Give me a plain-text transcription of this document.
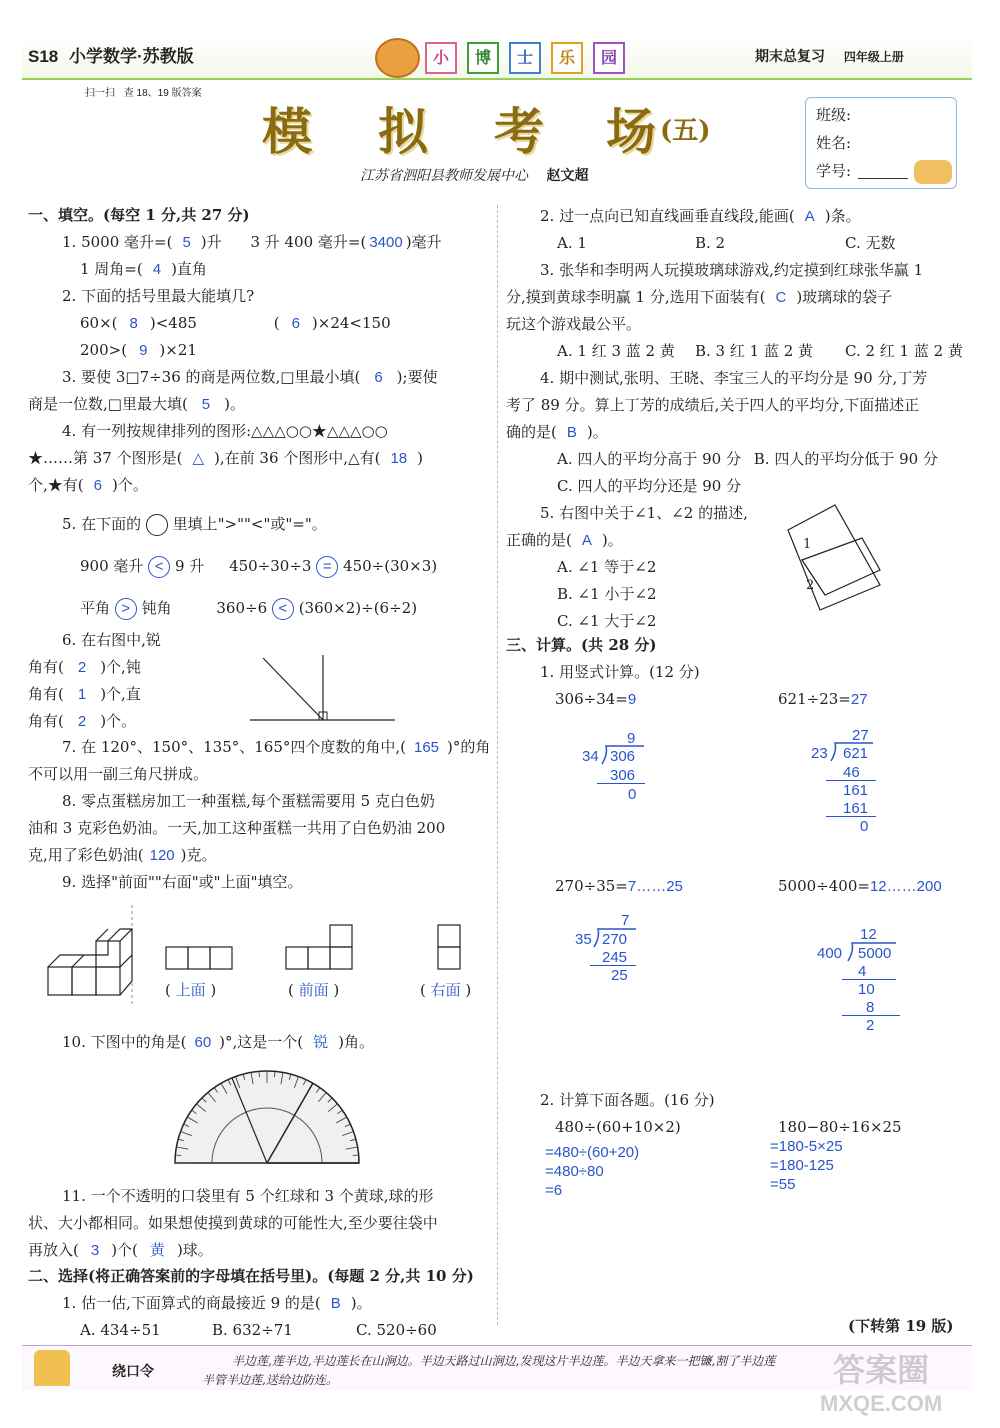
S18 小学数学·苏教版	小	博	士	乐	园	期末总复习 四年级上册
扫一扫 查 18、19 版答案
模 拟 考 场 (五)
江苏省泗阳县教师发展中心 赵文超
班级:
姓名:
学号:
一、填空。(每空 1 分,共 27 分)
1. 5000 毫升=( 5 )升 3 升 400 毫升=( 3400 )毫升
1 周角=( 4 )直角
2. 下面的括号里最大能填几?
60×( 8 )<485	( 6 )×24<150
200>( 9 )×21
3. 要使 3□7÷36 的商是两位数,□里最小填( 6 );要使
商是一位数,□里最大填( 5 )。
4. 有一列按规律排列的图形:△△△○○★△△△○○
★……第 37 个图形是( △ ),在前 36 个图形中,△有( 18 )
个,★有( 6 )个。
5. 在下面的 里填上">""<"或"="。
900 毫升 < 9 升 450÷30÷3 = 450÷(30×3)
平角 > 钝角	360÷6 < (360×2)÷(6÷2)
6. 在右图中,锐
角有( 2 )个,钝
角有( 1 )个,直
角有( 2 )个。
7. 在 120°、150°、135°、165°四个度数的角中,( 165 )°的角
不可以用一副三角尺拼成。
8. 零点蛋糕房加工一种蛋糕,每个蛋糕需要用 5 克白色奶
油和 3 克彩色奶油。一天,加工这种蛋糕一共用了白色奶油 200
克,用了彩色奶油( 120 )克。
9. 选择"前面""右面"或"上面"填空。
( 上面 )	( 前面 )	( 右面 )
10. 下图中的角是( 60 )°,这是一个( 锐 )角。
11. 一个不透明的口袋里有 5 个红球和 3 个黄球,球的形
状、大小都相同。如果想使摸到黄球的可能性大,至少要往袋中
再放入( 3 )个( 黄 )球。
二、选择(将正确答案前的字母填在括号里)。(每题 2 分,共 10 分)
1. 估一估,下面算式的商最接近 9 的是( B )。
A. 434÷51	B. 632÷71	C. 520÷60
2. 过一点向已知直线画垂直线段,能画( A )条。
A. 1	B. 2	C. 无数
3. 张华和李明两人玩摸玻璃球游戏,约定摸到红球张华赢 1
分,摸到黄球李明赢 1 分,选用下面装有( C )玻璃球的袋子
玩这个游戏最公平。
A. 1 红 3 蓝 2 黄 B. 3 红 1 蓝 2 黄 C. 2 红 1 蓝 2 黄
4. 期中测试,张明、王晓、李宝三人的平均分是 90 分,丁芳
考了 89 分。算上丁芳的成绩后,关于四人的平均分,下面描述正
确的是( B )。
A. 四人的平均分高于 90 分 B. 四人的平均分低于 90 分
C. 四人的平均分还是 90 分
5. 右图中关于∠1、∠2 的描述,
正确的是( A )。
A. ∠1 等于∠2
B. ∠1 小于∠2
C. ∠1 大于∠2
1
2
三、计算。(共 28 分)
1. 用竖式计算。(12 分)
306÷34=9
9
34 306
306
0
621÷23=27
27
23 621
46
161
161
0
270÷35=7……25
7
35 270
245
25
5000÷400=12……200
12
400 5000
4
10
8
2
2. 计算下面各题。(16 分)
480÷(60+10×2)
=480÷(60+20)
=480÷80
=6
180−80÷16×25
=180-5×25
=180-125
=55
(下转第 19 版)
绕口令
半边莲,莲半边,半边莲长在山涧边。半边天路过山涧边,发现这片半边莲。半边天拿来一把镰,割了半边莲
半管半边莲,送给边防连。	答案圈
MXQE.COM
